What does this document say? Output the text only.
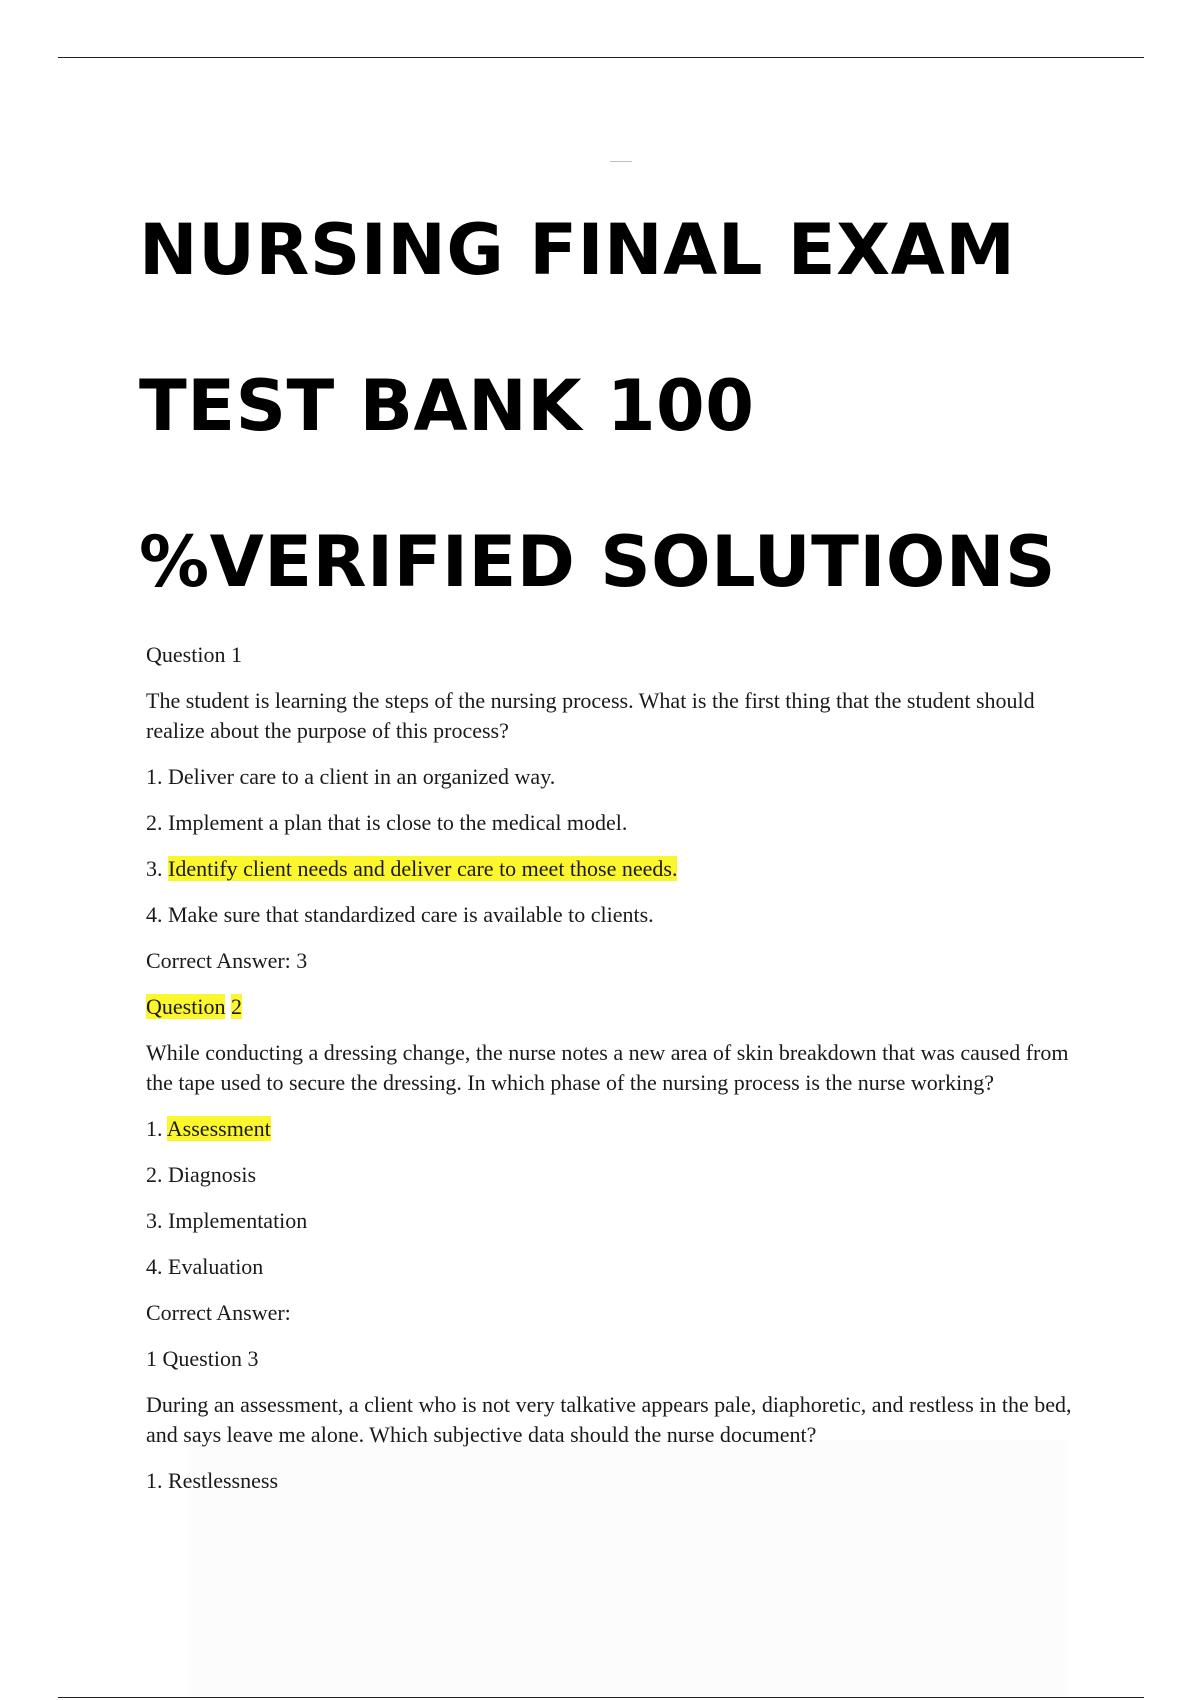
NURSING FINAL EXAM
TEST BANK 100
%VERIFIED SOLUTIONS

Question 1

The student is learning the steps of the nursing process. What is the first thing that the student should realize about the purpose of this process?

1. Deliver care to a client in an organized way.

2. Implement a plan that is close to the medical model.

3. Identify client needs and deliver care to meet those needs.

4. Make sure that standardized care is available to clients.

Correct Answer: 3

Question 2

While conducting a dressing change, the nurse notes a new area of skin breakdown that was caused from the tape used to secure the dressing. In which phase of the nursing process is the nurse working?

1. Assessment

2. Diagnosis

3. Implementation

4. Evaluation

Correct Answer:

1 Question 3

During an assessment, a client who is not very talkative appears pale, diaphoretic, and restless in the bed, and says leave me alone. Which subjective data should the nurse document?

1. Restlessness
